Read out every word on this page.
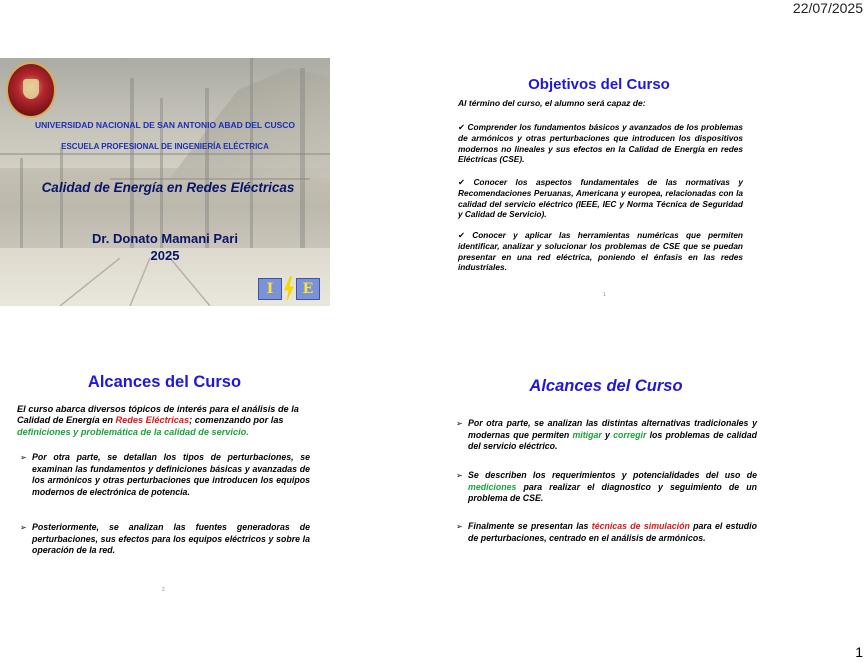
22/07/2025
UNIVERSIDAD NACIONAL DE SAN ANTONIO ABAD DEL CUSCO
ESCUELA PROFESIONAL DE INGENIERÍA ELÉCTRICA
Calidad de Energía en Redes Eléctricas
Dr. Donato Mamani Pari
2025
I	E
Objetivos del Curso
Al término del curso, el alumno será capaz de:
✔ Comprender los fundamentos básicos y avanzados de los problemas de armónicos y otras perturbaciones que introducen los dispositivos modernos no lineales y sus efectos en la Calidad de Energía en redes Eléctricas (CSE).
✔ Conocer los aspectos fundamentales de las normativas y Recomendaciones Peruanas, Americana y europea, relacionadas con la calidad del servicio eléctrico (IEEE, IEC y Norma Técnica de Seguridad y Calidad de Servicio).
✔ Conocer y aplicar las herramientas numéricas que permiten identificar, analizar y solucionar los problemas de CSE que se puedan presentar en una red eléctrica, poniendo el énfasis en las redes industriales.
1
Alcances del Curso
El curso abarca diversos tópicos de interés para el análisis de la Calidad de Energía en Redes Eléctricas; comenzando por las definiciones y problemática de la calidad de servicio.
➢ Por otra parte, se detallan los tipos de perturbaciones, se examinan las fundamentos y definiciones básicas y avanzadas de los armónicos y otras perturbaciones que introducen los equipos modernos de electrónica de potencia.
➢ Posteriormente, se analizan las fuentes generadoras de perturbaciones, sus efectos para los equipos eléctricos y sobre la operación de la red.
2
Alcances del Curso
➢ Por otra parte, se analizan las distintas alternativas tradicionales y modernas que permiten mitigar y corregir los problemas de calidad del servicio eléctrico.
➢ Se describen los requerimientos y potencialidades del uso de mediciones para realizar el diagnostico y seguimiento de un problema de CSE.
➢ Finalmente se presentan las técnicas de simulación para el estudio de perturbaciones, centrado en el análisis de armónicos.
1
